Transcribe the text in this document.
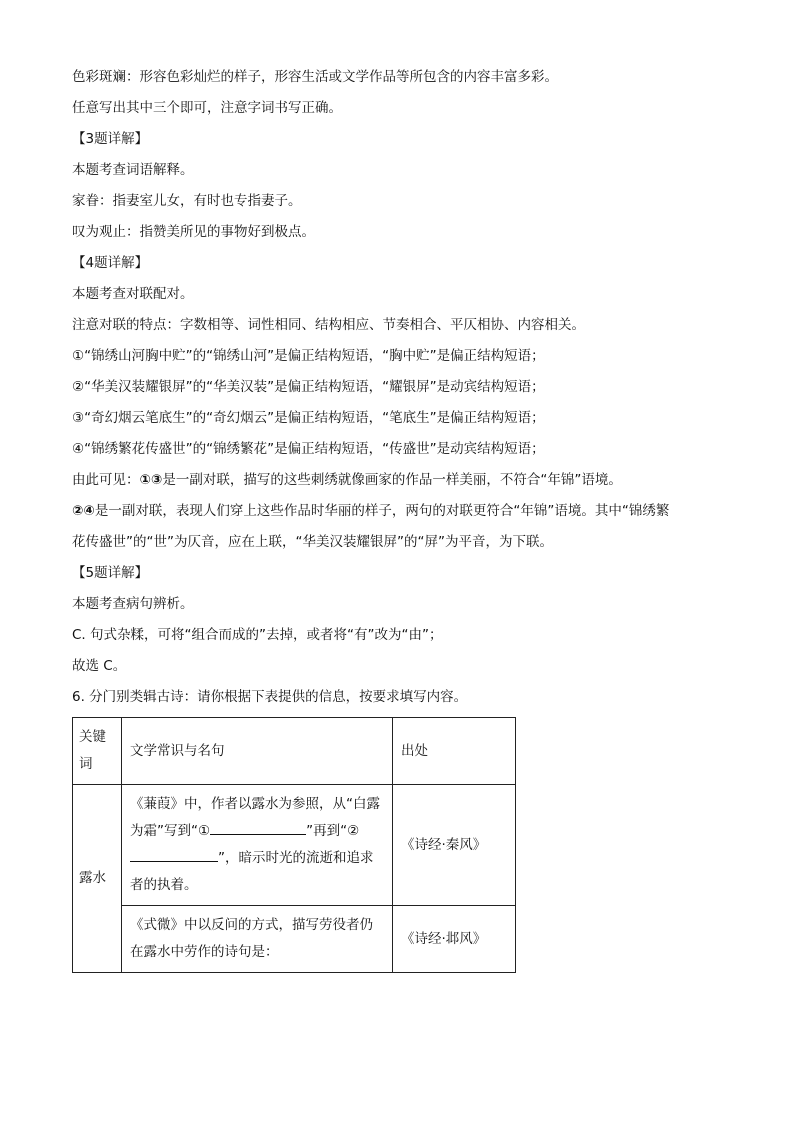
色彩斑斓：形容色彩灿烂的样子，形容生活或文学作品等所包含的内容丰富多彩。

任意写出其中三个即可，注意字词书写正确。

【3题详解】

本题考查词语解释。

家眷：指妻室儿女，有时也专指妻子。

叹为观止：指赞美所见的事物好到极点。

【4题详解】

本题考查对联配对。

注意对联的特点：字数相等、词性相同、结构相应、节奏相合、平仄相协、内容相关。

①“锦绣山河胸中贮”的“锦绣山河”是偏正结构短语，“胸中贮”是偏正结构短语；

②“华美汉装耀银屏”的“华美汉装”是偏正结构短语，“耀银屏”是动宾结构短语；

③“奇幻烟云笔底生”的“奇幻烟云”是偏正结构短语，“笔底生”是偏正结构短语；

④“锦绣繁花传盛世”的“锦绣繁花”是偏正结构短语，“传盛世”是动宾结构短语；

由此可见：①③是一副对联，描写的这些刺绣就像画家的作品一样美丽，不符合“年锦”语境。

②④是一副对联，表现人们穿上这些作品时华丽的样子，两句的对联更符合“年锦”语境。其中“锦绣繁

花传盛世”的“世”为仄音，应在上联，“华美汉装耀银屏”的“屏”为平音，为下联。

【5题详解】

本题考查病句辨析。

C. 句式杂糅，可将“组合而成的”去掉，或者将“有”改为“由”；

故选 C。

6. 分门别类辑古诗：请你根据下表提供的信息，按要求填写内容。

关键词	文学常识与名句	出处
露水	《蒹葭》中，作者以露水为参照，从“白露为霜”写到“① ”再到“②”，暗示时光的流逝和追求者的执着。	《诗经·秦风》
	《式微》中以反问的方式，描写劳役者仍在露水中劳作的诗句是：	《诗经·邶风》
